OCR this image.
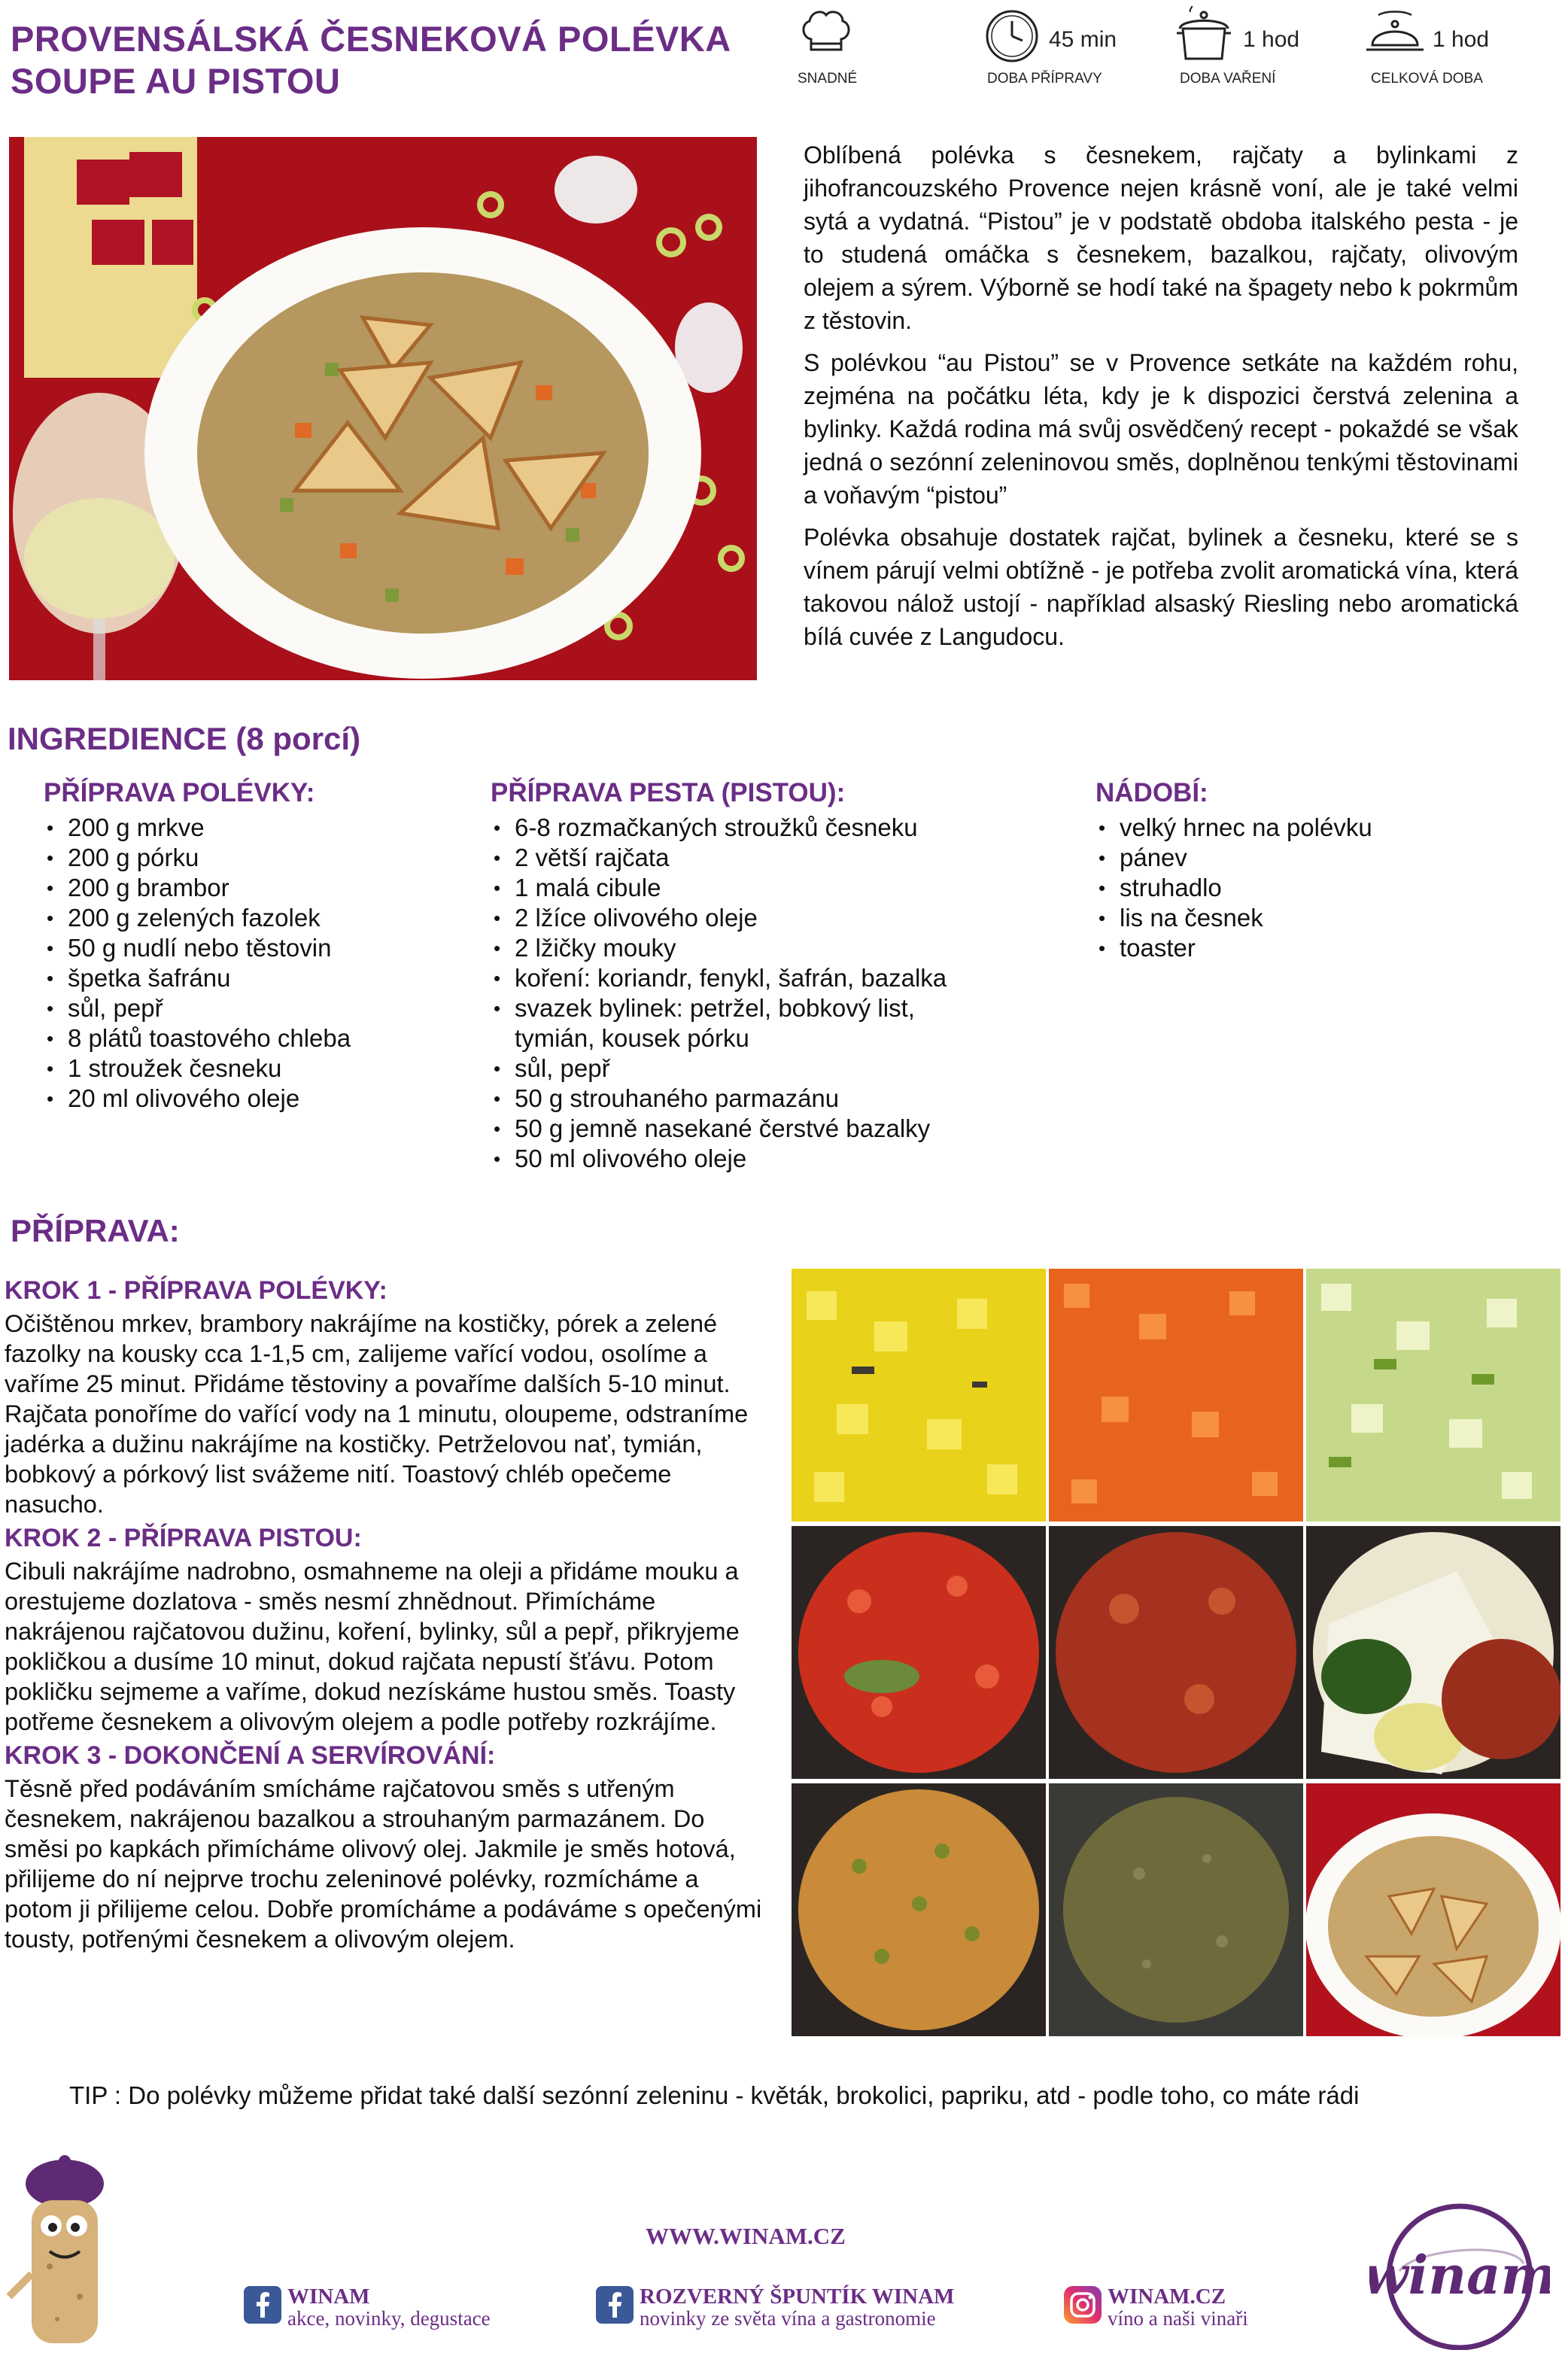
PROVENSÁLSKÁ ČESNEKOVÁ POLÉVKA
SOUPE AU PISTOU	SNADNÉ
45 min
DOBA PŘÍPRAVY
1 hod
DOBA VAŘENÍ
1 hod
CELKOVÁ DOBA

Oblíbená polévka s česnekem, rajčaty a bylinkami z jihofrancouzského Provence nejen krásně voní, ale je také velmi sytá a vydatná. “Pistou” je v podstatě obdoba italského pesta - je to studená omáčka s česnekem, bazalkou, rajčaty, olivovým olejem a sýrem. Výborně se hodí také na špagety nebo k pokrmům z těstovin.

S polévkou “au Pistou” se v Provence setkáte na každém rohu, zejména na počátku léta, kdy je k dispozici čerstvá zelenina a bylinky. Každá rodina má svůj osvědčený recept - pokaždé se však jedná o sezónní zeleninovou směs, doplněnou tenkými těstovinami a voňavým “pistou”

Polévka obsahuje dostatek rajčat, bylinek a česneku, které se s vínem párují velmi obtížně - je potřeba zvolit aromatická vína, která takovou nálož ustojí - například alsaský Riesling nebo aromatická bílá cuvée z Langudocu.

INGREDIENCE (8 porcí)
PŘÍPRAVA POLÉVKY:
• 200 g mrkve
• 200 g pórku
• 200 g brambor
• 200 g zelených fazolek
• 50 g nudlí nebo těstovin
• špetka šafránu
• sůl, pepř
• 8 plátů toastového chleba
• 1 stroužek česneku
• 20 ml olivového oleje
PŘÍPRAVA PESTA (PISTOU):
• 6-8 rozmačkaných stroužků česneku
• 2 větší rajčata
• 1 malá cibule
• 2 lžíce olivového oleje
• 2 lžičky mouky
• koření: koriandr, fenykl, šafrán, bazalka
• svazek bylinek: petržel, bobkový list,
tymián, kousek pórku
• sůl, pepř
• 50 g strouhaného parmazánu
• 50 g jemně nasekané čerstvé bazalky
• 50 ml olivového oleje
NÁDOBÍ:
• velký hrnec na polévku
• pánev
• struhadlo
• lis na česnek
• toaster
PŘÍPRAVA:
KROK 1 - PŘÍPRAVA POLÉVKY:

Očištěnou mrkev, brambory nakrájíme na kostičky, pórek a zelené fazolky na kousky cca 1-1,5 cm, zalijeme vařící vodou, osolíme a vaříme 25 minut. Přidáme těstoviny a povaříme dalších 5-10 minut. Rajčata ponoříme do vařící vody na 1 minutu, oloupeme, odstraníme jadérka a dužinu nakrájíme na kostičky. Petrželovou nať, tymián, bobkový a pórkový list svážeme nití. Toastový chléb opečeme nasucho.

KROK 2 - PŘÍPRAVA PISTOU:

Cibuli nakrájíme nadrobno, osmahneme na oleji a přidáme mouku a orestujeme dozlatova - směs nesmí zhnědnout. Přimícháme nakrájenou rajčatovou dužinu, koření, bylinky, sůl a pepř, přikryjeme pokličkou a dusíme 10 minut, dokud rajčata nepustí šťávu. Potom pokličku sejmeme a vaříme, dokud nezískáme hustou směs. Toasty potřeme česnekem a olivovým olejem a podle potřeby rozkrájíme.

KROK 3 - DOKONČENÍ A SERVÍROVÁNÍ:

Těsně před podáváním smícháme rajčatovou směs s utřeným česnekem, nakrájenou bazalkou a strouhaným parmazánem. Do směsi po kapkách přimícháme olivový olej. Jakmile je směs hotová, přilijeme do ní nejprve trochu zeleninové polévky, rozmícháme a potom ji přilijeme celou. Dobře promícháme a podáváme s opečenými tousty, potřenými česnekem a olivovým olejem.

TIP : Do polévky můžeme přidat také další sezónní zeleninu - květák, brokolici, papriku, atd - podle toho, co máte rádi
WWW.WINAM.CZ
WINAM
akce, novinky, degustace
ROZVERNÝ ŠPUNTÍK WINAM
novinky ze světa vína a gastronomie
WINAM.CZ
víno a naši vinaři
winam
